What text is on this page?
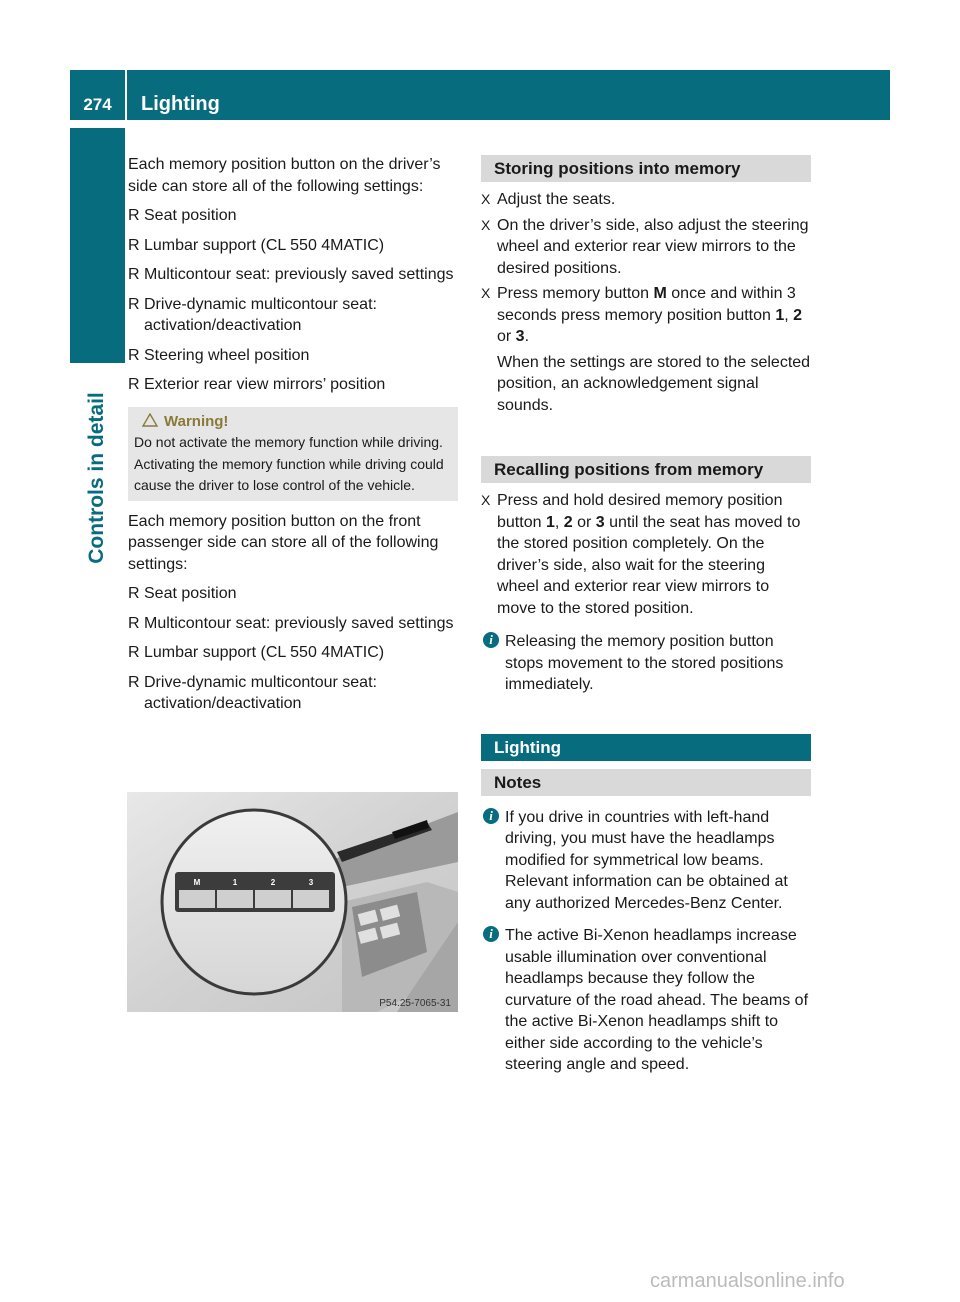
274	Lighting
Controls in detail

Each memory position button on the driver’s side can store all of the following settings:

R Seat position
R Lumbar support (CL 550 4MATIC)
R Multicontour seat: previously saved settings
R Drive-dynamic multicontour seat: activation/deactivation
R Steering wheel position
R Exterior rear view mirrors’ position
Warning!
Do not activate the memory function while driving. Activating the memory function while driving could cause the driver to lose control of the vehicle.

Each memory position button on the front passenger side can store all of the following settings:

R Seat position
R Multicontour seat: previously saved settings
R Lumbar support (CL 550 4MATIC)
R Drive-dynamic multicontour seat: activation/deactivation
M	1	2	3
P54.25-7065-31
Storing positions into memory
X Adjust the seats.
X On the driver’s side, also adjust the steering wheel and exterior rear view mirrors to the desired positions.
X Press memory button M once and within 3 seconds press memory position button 1, 2 or 3.

When the settings are stored to the selected position, an acknowledgement signal sounds.

Recalling positions from memory
X Press and hold desired memory position button 1, 2 or 3 until the seat has moved to the stored position completely. On the driver’s side, also wait for the steering wheel and exterior rear view mirrors to move to the stored position.
i Releasing the memory position button stops movement to the stored positions immediately.
Lighting
Notes
i If you drive in countries with left-hand driving, you must have the headlamps modified for symmetrical low beams. Relevant information can be obtained at any authorized Mercedes-Benz Center.
i The active Bi-Xenon headlamps increase usable illumination over conventional headlamps because they follow the curvature of the road ahead. The beams of the active Bi-Xenon headlamps shift to either side according to the vehicle’s steering angle and speed.
carmanualsonline.info
